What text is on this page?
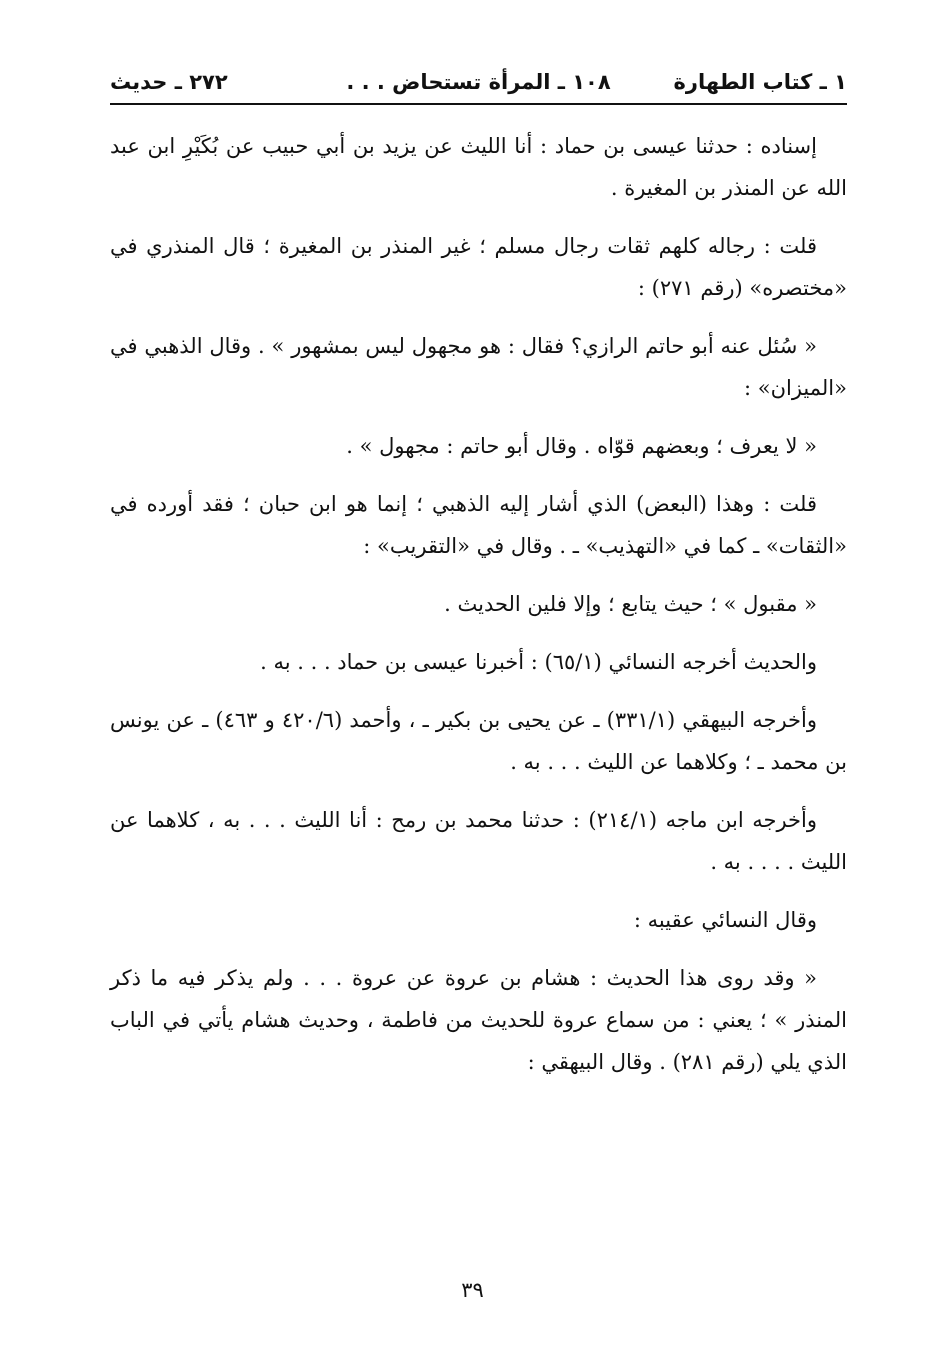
١ ـ كتاب الطهارة
١٠٨ ـ المرأة تستحاض . . .
٢٧٢ ـ حديث

إسناده : حدثنا عيسى بن حماد : أنا الليث عن يزيد بن أبي حبيب عن بُكَيْرِ ابن عبد الله عن المنذر بن المغيرة .

قلت : رجاله كلهم ثقات رجال مسلم ؛ غير المنذر بن المغيرة ؛ قال المنذري في «مختصره» (رقم ٢٧١) :

« سُئل عنه أبو حاتم الرازي؟ فقال : هو مجهول ليس بمشهور » . وقال الذهبي في «الميزان» :

« لا يعرف ؛ وبعضهم قوّاه . وقال أبو حاتم : مجهول » .

قلت : وهذا (البعض) الذي أشار إليه الذهبي ؛ إنما هو ابن حبان ؛ فقد أورده في «الثقات» ـ كما في «التهذيب» ـ . وقال في «التقريب» :

« مقبول » ؛ حيث يتابع ؛ وإلا فلين الحديث .

والحديث أخرجه النسائي (٦٥/١) : أخبرنا عيسى بن حماد . . . به .

وأخرجه البيهقي (٣٣١/١) ـ عن يحيى بن بكير ـ ، وأحمد (٤٢٠/٦ و ٤٦٣) ـ عن يونس بن محمد ـ ؛ وكلاهما عن الليث . . . به .

وأخرجه ابن ماجه (٢١٤/١) : حدثنا محمد بن رمح : أنا الليث . . . به ، كلاهما عن الليث . . . . به .

وقال النسائي عقيبه :

« وقد روى هذا الحديث : هشام بن عروة عن عروة . . . ولم يذكر فيه ما ذكر المنذر » ؛ يعني : من سماع عروة للحديث من فاطمة ، وحديث هشام يأتي في الباب الذي يلي (رقم ٢٨١) . وقال البيهقي :

٣٩
